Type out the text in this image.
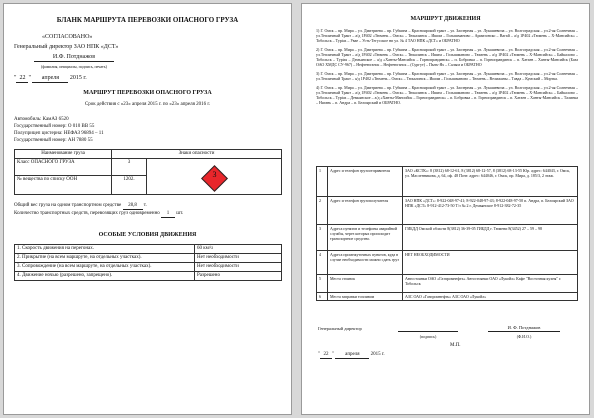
БЛАНК МАРШРУТА ПЕРЕВОЗКИ ОПАСНОГО ГРУЗА
«СОГЛАСОВАНО»
Генеральный директор ЗАО НПК «ДСТ»
И.Ф. Потднажов
(фамилия, инициалы, подпись, печать)
" 22 " апреля 2015 г.
МАРШРУТ ПЕРЕВОЗКИ ОПАСНОГО ГРУЗА
Срок действия с «23» апреля 2015 г. по «23» апреля 2016 г.
Автомобиль: КамАЗ 6520
Государственный номер: О 010 ВВ 55
Полуприцеп цистерна: НЕФАЗ 96894 – 11
Государственный номер: АН 7880 55
Наименование груза	Знаки опасности	
Класс ОПАСНОГО ГРУЗА	3	3

№ вещества по списку ООН	1202.	
Общий вес груза на одном транспортном средстве 28,8 т.
Количество транспортных средств, перевозящих груз одновременно 1 шт.
ОСОБЫЕ УСЛОВИЯ ДВИЖЕНИЯ
1. Скорость движения на перегонах.	60 км/ч
2. Прикрытие (на всем маршруте, на отдельных участках).	Нет необходимости
3. Сопровождение (на всем маршруте, на отдельных участках).	Нет необходимости
4. Движение ночью (разрешено, запрещено).	Разрешено
МАРШРУТ ДВИЖЕНИЯ
1) Г. Омск – пр. Мира – ул. Дмитриева – пр. Губкина – Красноярский тракт – ул. Заозерная – ул. Лукашевича – ул. Волгоградская – ул.2-ая Солнечная – ул.Тепличный Тракт – а/д 1Р402 «Тюмень – Омск» – Тюкалинск – Ишим – Голышманово – Армизонско – Вагай – а/д 1Р402 «Тюмень – Х-Мансийск» – Тобольск – Турtas – Увае – Усть-Тегусское нп ул. № 4 ТАО НПК «ДСТ» и ОБРАТНО
2) Г. Омск – пр. Мира – ул. Дмитриева – пр. Губкина – Красноярский тракт – ул. Заозерная – ул. Лукашевича – ул. Волгоградская – ул.2-ая Солнечная – ул.Тепличный Тракт – а/д 1Р402 «Тюмень – Омск» – Тюкалинск – Ишим – Голышманово – Тюмень – а/д 1Р402 «Тюмень – Х-Мансийск» – Байкалово – Тобольск – Турtas – Демьянское – а/д «Ханты-Мансийск – Горноправдинск» – п. Бобровка – п. Горноправдинск – п. Хатаев – Ханты-Мансийск (База ОАО ХМДС СУ-967) – Нефтеюганск – Нефтеюганск – (Сургут) – Пыть-Ях – Салым и ОБРАТНО
3) Г. Омск – пр. Мира – ул. Дмитриева – пр. Губкина – Красноярский тракт – ул. Заозерная – ул. Лукашевича – ул. Волгоградская – ул.2-ая Солнечная – ул.Тепличный Тракт – а/д 1Р402 «Тюмень – Омск» – Тюкалинск – Ишим – Голышманово – Тюмень – Велижаны – Тавда – Кумский – Мортка.
4) Г. Омск – пр. Мира – ул. Дмитриева – пр. Губкина – Красноярский тракт – ул. Заозерная – ул. Лукашевича – ул. Волгоградская – ул.2-ая Солнечная – ул.Тепличный Тракт – а/д 1Р402 «Тюмень – Омск» – Тюкалинск – Ишим – Голышманово – Тюмень – а/д 1Р402 «Тюмень – Х-Мансийск» – Байкалово – Тобольск – Турtas – Демьянское – а/д «Ханты-Мансийск – Горноправдинск» – п. Бобровка – п. Горноправдинск – п. Хатаев – Ханты-Мансийск – Талинка – Нягань – п. Андра – п. Белоярский и ОБРАТНО.
1	Адрес и телефон грузоотправителя	ЗАО «КСТК»: 8 (3812) 68-12-61, 8 (3812) 68-12-57, 8 (3812) 68-13-55 Юр. адрес: 644043, г. Омск, ул. Масленникова, д. 64, оф. 48 Почт. адрес: 644046, г. Омск, пр. Мира, д. 185/3, 2 этаж.
2	Адрес и телефон грузополучателя	ЗАО НПК «ДСТ»: 8-922-048-97-41; 8-922-048-97-43; 8-922-048-97-50 п. Андра, п. Белоярский ЗАО НПК «ДСТ» 8-912-412-73-50 Т/з № 2 г. Демьянское 8-912-382-72-35
3	Адреса пунктов и телефоны аварийной службы, через которых происходит транспортное средство.	ГИБДД Омской области 8(3812) 36-39-05 ГИБДД г. Тюмени 8(3452) 27 – 59 – 98
4	Адреса промежуточных пунктов, куда в случае необходимости можно сдать груз	НЕТ НЕОБХОДИМОСТИ
5	Места стоянок	Автостоянки ОАО «Газпромнефть» Автостоянки ОАО «Лукойл» Кафе "Восточная кухня" г. Тобольск
6	Места заправки топливом	АЗС ОАО «Газпромнефть» АЗС ОАО «Лукойл»
Генеральный директор
(подпись)
И. Ф. Потднажов
(Ф.И.О.)
М.П.
" 22 " апреля 2015 г.
